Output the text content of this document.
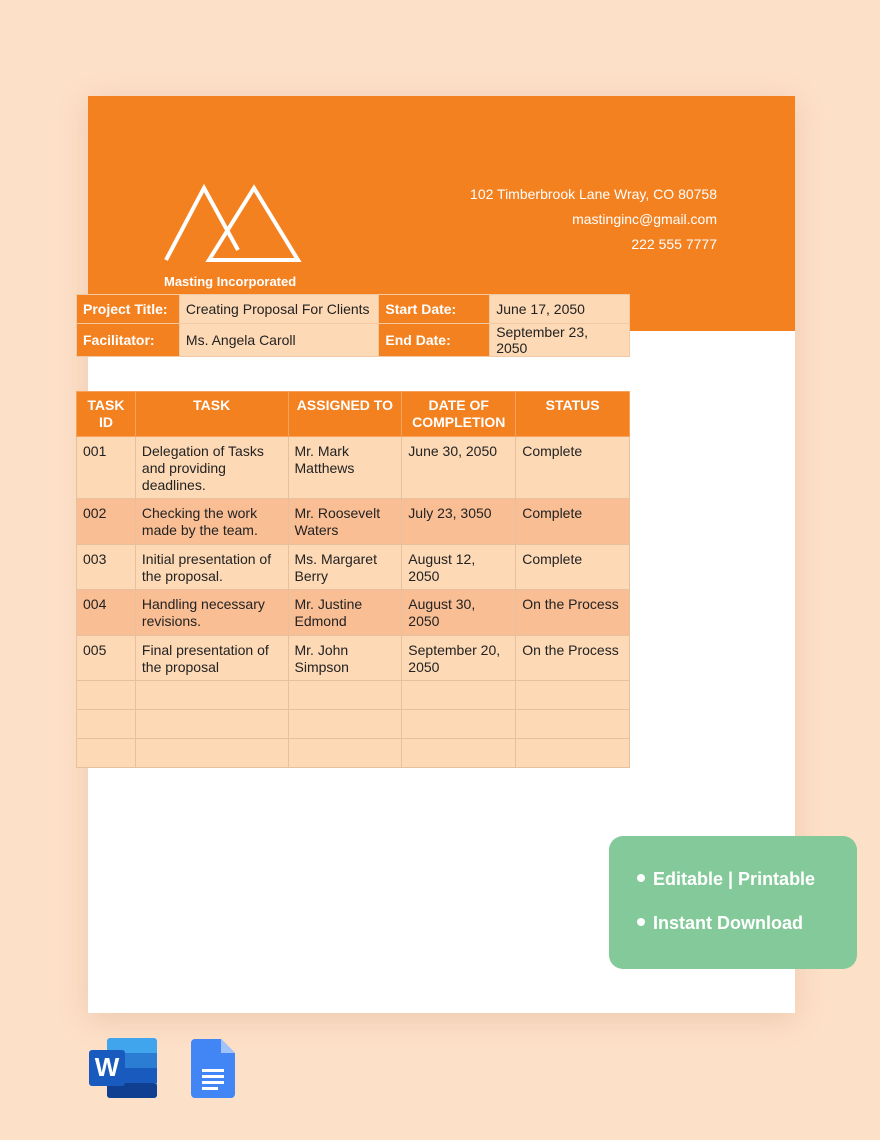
Masting Incorporated
102 Timberbrook Lane Wray, CO 80758
mastinginc@gmail.com
222 555 7777
Project Title:	Creating Proposal For Clients	Start Date:	June 17, 2050
Facilitator:	Ms. Angela Caroll	End Date:	September 23, 2050
TASK ID	TASK	ASSIGNED TO	DATE OF COMPLETION	STATUS
001	Delegation of Tasks and providing deadlines.	Mr. Mark Matthews	June 30, 2050	Complete
002	Checking the work made by the team.	Mr. Roosevelt Waters	July 23, 3050	Complete
003	Initial presentation of the proposal.	Ms. Margaret Berry	August 12, 2050	Complete
004	Handling necessary revisions.	Mr. Justine Edmond	August 30, 2050	On the Process
005	Final presentation of the proposal	Mr. John Simpson	September 20, 2050	On the Process

Editable | Printable
Instant Download
W
